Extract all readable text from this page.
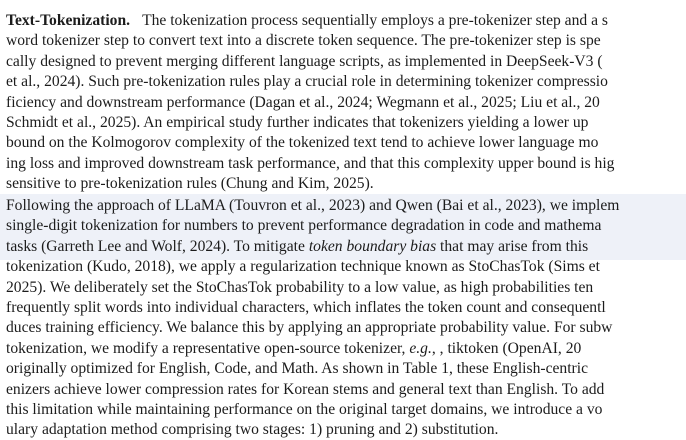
Text-Tokenization. The tokenization process sequentially employs a pre-tokenizer step and a s
word tokenizer step to convert text into a discrete token sequence. The pre-tokenizer step is spe
cally designed to prevent merging different language scripts, as implemented in DeepSeek-V3 (
et al., 2024). Such pre-tokenization rules play a crucial role in determining tokenizer compressio
ficiency and downstream performance (Dagan et al., 2024; Wegmann et al., 2025; Liu et al., 20
Schmidt et al., 2025). An empirical study further indicates that tokenizers yielding a lower up
bound on the Kolmogorov complexity of the tokenized text tend to achieve lower language mo
ing loss and improved downstream task performance, and that this complexity upper bound is hig
sensitive to pre-tokenization rules (Chung and Kim, 2025).
Following the approach of LLaMA (Touvron et al., 2023) and Qwen (Bai et al., 2023), we implem
single-digit tokenization for numbers to prevent performance degradation in code and mathema
tasks (Garreth Lee and Wolf, 2024). To mitigate token boundary bias that may arise from this
tokenization (Kudo, 2018), we apply a regularization technique known as StoChasTok (Sims et
2025). We deliberately set the StoChasTok probability to a low value, as high probabilities ten
frequently split words into individual characters, which inflates the token count and consequentl
duces training efficiency. We balance this by applying an appropriate probability value. For subw
tokenization, we modify a representative open-source tokenizer, e.g., , tiktoken (OpenAI, 20
originally optimized for English, Code, and Math. As shown in Table 1, these English-centric
enizers achieve lower compression rates for Korean stems and general text than English. To add
this limitation while maintaining performance on the original target domains, we introduce a vo
ulary adaptation method comprising two stages: 1) pruning and 2) substitution.
